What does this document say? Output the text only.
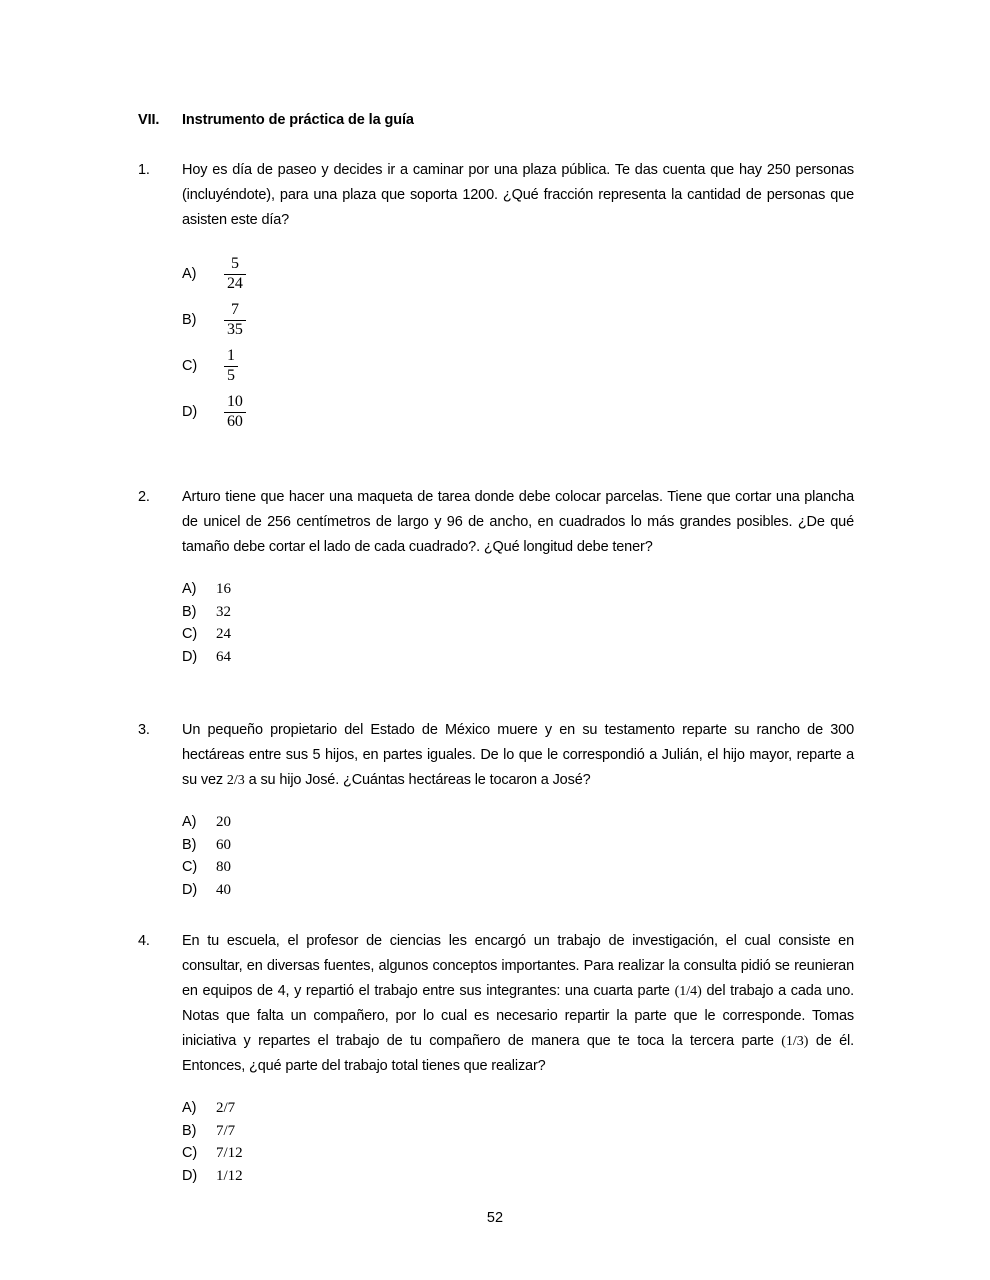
VII.	Instrumento de práctica de la guía
1.	Hoy es día de paseo y decides ir a caminar por una plaza pública. Te das cuenta que hay 250 personas (incluyéndote), para una plaza que soporta 1200. ¿Qué fracción representa la cantidad de personas que asisten este día?
A)	$\frac{5}{24}$
B)	$\frac{7}{35}$
C)	$\frac{1}{5}$
D)	$\frac{10}{60}$
2.	Arturo tiene que hacer una maqueta de tarea donde debe colocar parcelas. Tiene que cortar una plancha de unicel de 256 centímetros de largo y 96 de ancho, en cuadrados lo más grandes posibles. ¿De qué tamaño debe cortar el lado de cada cuadrado?. ¿Qué longitud debe tener?
A)	16
B)	32
C)	24
D)	64
3.	Un pequeño propietario del Estado de México muere y en su testamento reparte su rancho de 300 hectáreas entre sus 5 hijos, en partes iguales. De lo que le correspondió a Julián, el hijo mayor, reparte a su vez 2/3 a su hijo José. ¿Cuántas hectáreas le tocaron a José?
A)	20
B)	60
C)	80
D)	40
4.	En tu escuela, el profesor de ciencias les encargó un trabajo de investigación, el cual consiste en consultar, en diversas fuentes, algunos conceptos importantes. Para realizar la consulta pidió se reunieran en equipos de 4, y repartió el trabajo entre sus integrantes: una cuarta parte (1/4) del trabajo a cada uno. Notas que falta un compañero, por lo cual es necesario repartir la parte que le corresponde. Tomas iniciativa y repartes el trabajo de tu compañero de manera que te toca la tercera parte (1/3) de él. Entonces, ¿qué parte del trabajo total tienes que realizar?
A)	2/7
B)	7/7
C)	7/12
D)	1/12
52
